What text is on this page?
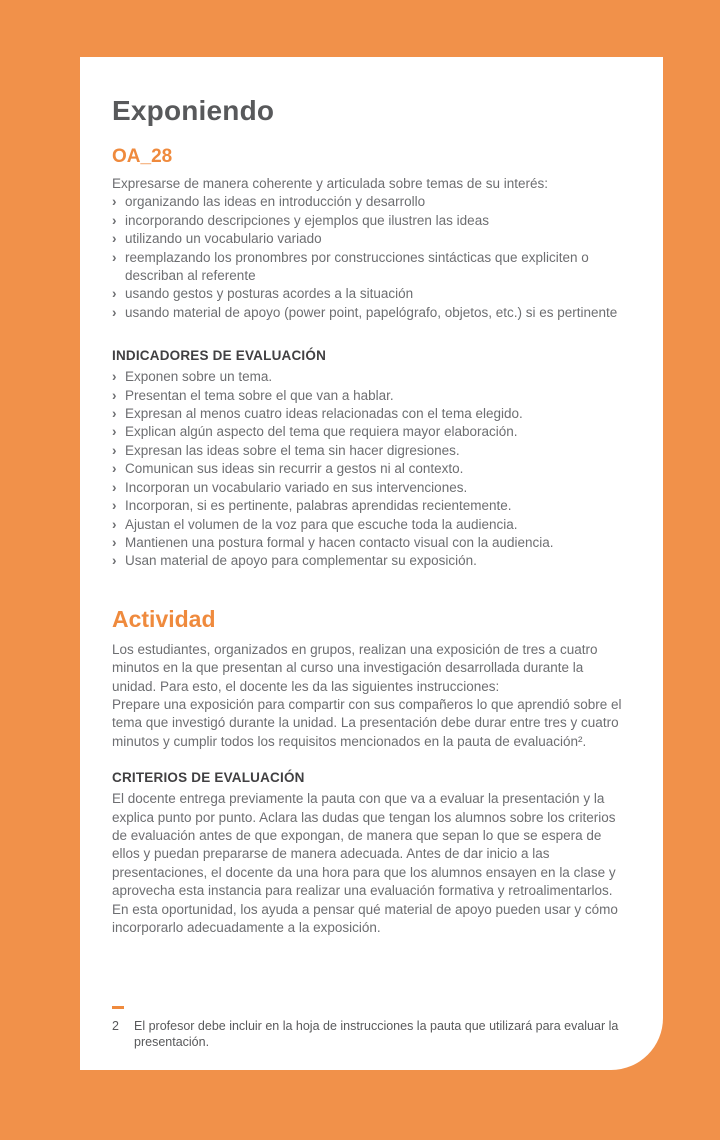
Exponiendo
OA_28

Expresarse de manera coherente y articulada sobre temas de su interés:

› organizando las ideas en introducción y desarrollo
› incorporando descripciones y ejemplos que ilustren las ideas
› utilizando un vocabulario variado
› reemplazando los pronombres por construcciones sintácticas que expliciten o describan al referente
› usando gestos y posturas acordes a la situación
› usando material de apoyo (power point, papelógrafo, objetos, etc.) si es pertinente
INDICADORES DE EVALUACIÓN
› Exponen sobre un tema.
› Presentan el tema sobre el que van a hablar.
› Expresan al menos cuatro ideas relacionadas con el tema elegido.
› Explican algún aspecto del tema que requiera mayor elaboración.
› Expresan las ideas sobre el tema sin hacer digresiones.
› Comunican sus ideas sin recurrir a gestos ni al contexto.
› Incorporan un vocabulario variado en sus intervenciones.
› Incorporan, si es pertinente, palabras aprendidas recientemente.
› Ajustan el volumen de la voz para que escuche toda la audiencia.
› Mantienen una postura formal y hacen contacto visual con la audiencia.
› Usan material de apoyo para complementar su exposición.
Actividad

Los estudiantes, organizados en grupos, realizan una exposición de tres a cuatro minutos en la que presentan al curso una investigación desarrollada durante la unidad. Para esto, el docente les da las siguientes instrucciones:

Prepare una exposición para compartir con sus compañeros lo que aprendió sobre el tema que investigó durante la unidad. La presentación debe durar entre tres y cuatro minutos y cumplir todos los requisitos mencionados en la pauta de evaluación².

CRITERIOS DE EVALUACIÓN

El docente entrega previamente la pauta con que va a evaluar la presentación y la explica punto por punto. Aclara las dudas que tengan los alumnos sobre los criterios de evaluación antes de que expongan, de manera que sepan lo que se espera de ellos y puedan prepararse de manera adecuada. Antes de dar inicio a las presentaciones, el docente da una hora para que los alumnos ensayen en la clase y aprovecha esta instancia para realizar una evaluación formativa y retroalimentarlos. En esta oportunidad, los ayuda a pensar qué material de apoyo pueden usar y cómo incorporarlo adecuadamente a la exposición.

2	El profesor debe incluir en la hoja de instrucciones la pauta que utilizará para evaluar la presentación.
